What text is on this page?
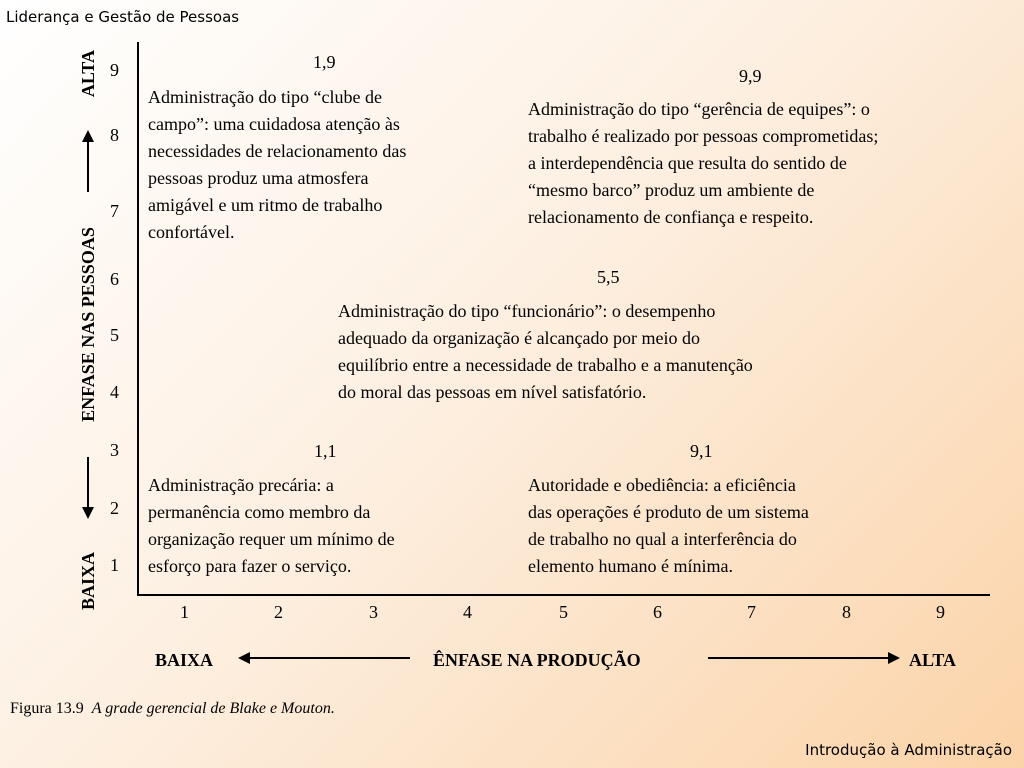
Liderança e Gestão de Pessoas
9
8
7
6
5
4
3
2
1
1	2	3	4	5	6	7	8	9
BAIXA
ENFASE NAS PESSOAS
ALTA
BAIXA	ÊNFASE NA PRODUÇÃO	ALTA
1,9
Administração do tipo “clube de
campo”: uma cuidadosa atenção às
necessidades de relacionamento das
pessoas produz uma atmosfera
amigável e um ritmo de trabalho
confortável.
9,9
Administração do tipo “gerência de equipes”: o
trabalho é realizado por pessoas comprometidas;
a interdependência que resulta do sentido de
“mesmo barco” produz um ambiente de
relacionamento de confiança e respeito.
5,5
Administração do tipo “funcionário”: o desempenho
adequado da organização é alcançado por meio do
equilíbrio entre a necessidade de trabalho e a manutenção
do moral das pessoas em nível satisfatório.
1,1
Administração precária: a
permanência como membro da
organização requer um mínimo de
esforço para fazer o serviço.
9,1
Autoridade e obediência: a eficiência
das operações é produto de um sistema
de trabalho no qual a interferência do
elemento humano é mínima.
Figura 13.9 A grade gerencial de Blake e Mouton.
Introdução à Administração
